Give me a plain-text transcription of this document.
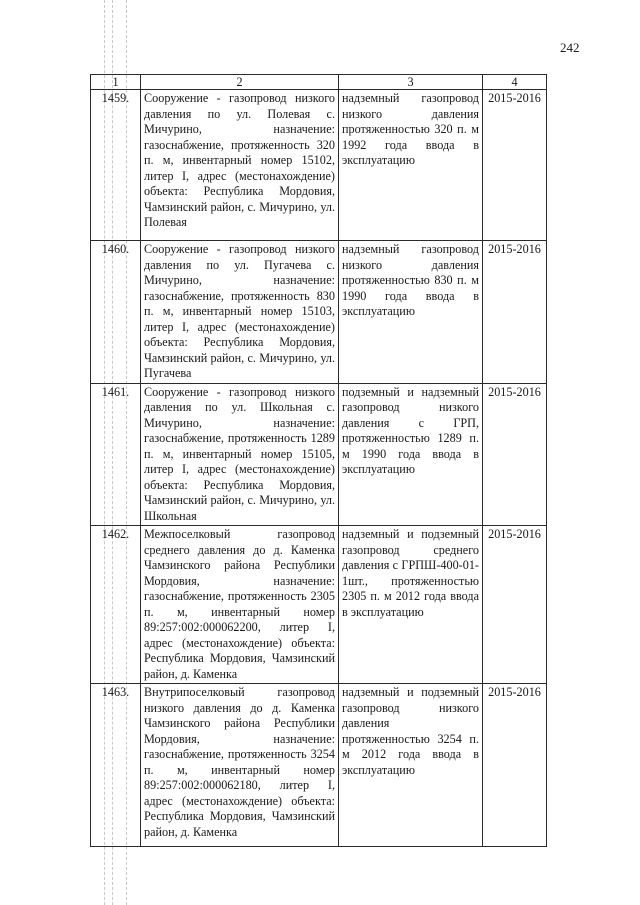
242
1	2	3	4
1459.	Сооружение - газопровод низкого давления по ул. Полевая с. Мичурино, назначение: газоснабжение, протяженность 320 п. м, инвентарный номер 15102, литер I, адрес (местонахождение) объекта: Республика Мордовия, Чамзинский район, с. Мичурино, ул. Полевая	надземный газопровод низкого давления протяженностью 320 п. м 1992 года ввода в эксплуатацию	2015-2016
1460.	Сооружение - газопровод низкого давления по ул. Пугачева с. Мичурино, назначение: газоснабжение, протяженность 830 п. м, инвентарный номер 15103, литер I, адрес (местонахождение) объекта: Республика Мордовия, Чамзинский район, с. Мичурино, ул. Пугачева	надземный газопровод низкого давления протяженностью 830 п. м 1990 года ввода в эксплуатацию	2015-2016
1461.	Сооружение - газопровод низкого давления по ул. Школьная с. Мичурино, назначение: газоснабжение, протяженность 1289 п. м, инвентарный номер 15105, литер I, адрес (местонахождение) объекта: Республика Мордовия, Чамзинский район, с. Мичурино, ул. Школьная	подземный и надземный газопровод низкого давления с ГРП, протяженностью 1289 п. м 1990 года ввода в эксплуатацию	2015-2016
1462.	Межпоселковый газопровод среднего давления до д. Каменка Чамзинского района Республики Мордовия, назначение: газоснабжение, протяженность 2305 п. м, инвентарный номер 89:257:002:000062200, литер I, адрес (местонахождение) объекта: Республика Мордовия, Чамзинский район, д. Каменка	надземный и подземный газопровод среднего давления с ГРПШ-400-01-1шт., протяженностью 2305 п. м 2012 года ввода в эксплуатацию	2015-2016
1463.	Внутрипоселковый газопровод низкого давления до д. Каменка Чамзинского района Республики Мордовия, назначение: газоснабжение, протяженность 3254 п. м, инвентарный номер 89:257:002:000062180, литер I, адрес (местонахождение) объекта: Республика Мордовия, Чамзинский район, д. Каменка	надземный и подземный газопровод низкого давления протяженностью 3254 п. м 2012 года ввода в эксплуатацию	2015-2016
